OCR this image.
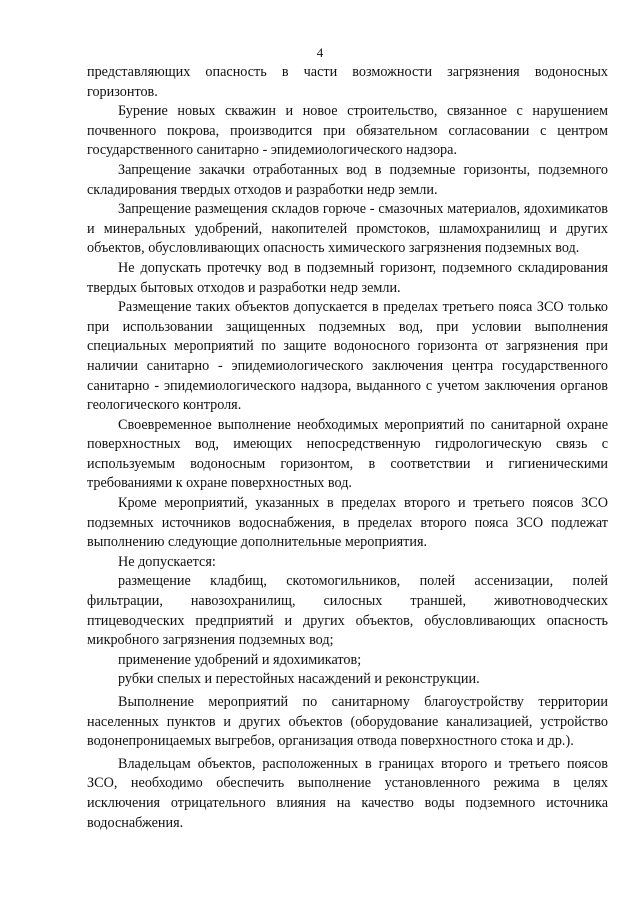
4

представляющих опасность в части возможности загрязнения водоносных горизонтов.

Бурение новых скважин и новое строительство, связанное с нарушением почвенного покрова, производится при обязательном согласовании с центром государственного санитарно - эпидемиологического надзора.

Запрещение закачки отработанных вод в подземные горизонты, подземного складирования твердых отходов и разработки недр земли.

Запрещение размещения складов горюче - смазочных материалов, ядохимикатов и минеральных удобрений, накопителей промстоков, шламохранилищ и других объектов, обусловливающих опасность химического загрязнения подземных вод.

Не допускать протечку вод в подземный горизонт, подземного складирования твердых бытовых отходов и разработки недр земли.

Размещение таких объектов допускается в пределах третьего пояса ЗСО только при использовании защищенных подземных вод, при условии выполнения специальных мероприятий по защите водоносного горизонта от загрязнения при наличии санитарно - эпидемиологического заключения центра государственного санитарно - эпидемиологического надзора, выданного с учетом заключения органов геологического контроля.

Своевременное выполнение необходимых мероприятий по санитарной охране поверхностных вод, имеющих непосредственную гидрологическую связь с используемым водоносным горизонтом, в соответствии и гигиеническими требованиями к охране поверхностных вод.

Кроме мероприятий, указанных в пределах второго и третьего поясов ЗСО подземных источников водоснабжения, в пределах второго пояса ЗСО подлежат выполнению следующие дополнительные мероприятия.

Не допускается:

размещение кладбищ, скотомогильников, полей ассенизации, полей фильтрации, навозохранилищ, силосных траншей, животноводческих птицеводческих предприятий и других объектов, обусловливающих опасность микробного загрязнения подземных вод;

применение удобрений и ядохимикатов;

рубки спелых и перестойных насаждений и реконструкции.

Выполнение мероприятий по санитарному благоустройству территории населенных пунктов и других объектов (оборудование канализацией, устройство водонепроницаемых выгребов, организация отвода поверхностного стока и др.).

Владельцам объектов, расположенных в границах второго и третьего поясов ЗСО, необходимо обеспечить выполнение установленного режима в целях исключения отрицательного влияния на качество воды подземного источника водоснабжения.
